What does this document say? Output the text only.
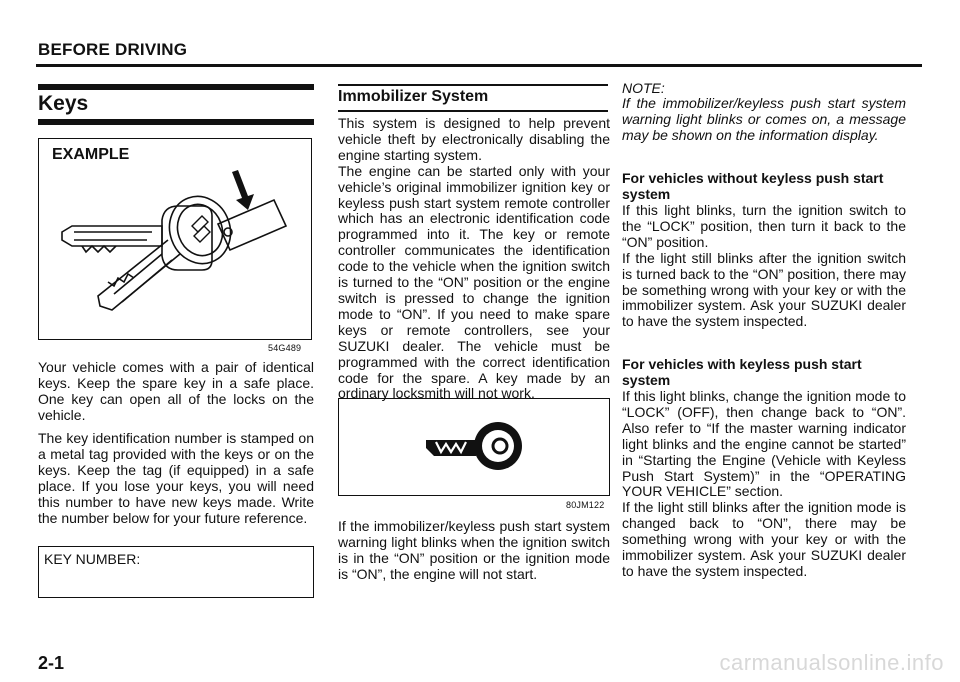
BEFORE DRIVING
Keys
EXAMPLE
54G489

Your vehicle comes with a pair of identical keys. Keep the spare key in a safe place. One key can open all of the locks on the vehicle.

The key identification number is stamped on a metal tag provided with the keys or on the keys. Keep the tag (if equipped) in a safe place. If you lose your keys, you will need this number to have new keys made. Write the number below for your future reference.

KEY NUMBER:
2-1
Immobilizer System

This system is designed to help prevent vehicle theft by electronically disabling the engine starting system.
The engine can be started only with your vehicle’s original immobilizer ignition key or keyless push start system remote controller which has an electronic identification code programmed into it. The key or remote controller communicates the identification code to the vehicle when the ignition switch is turned to the “ON” position or the engine switch is pressed to change the ignition mode to “ON”. If you need to make spare keys or remote controllers, see your SUZUKI dealer. The vehicle must be programmed with the correct identification code for the spare. A key made by an ordinary locksmith will not work.

80JM122

If the immobilizer/keyless push start system warning light blinks when the ignition switch is in the “ON” position or the ignition mode is “ON”, the engine will not start.

NOTE:

If the immobilizer/keyless push start system warning light blinks or comes on, a message may be shown on the information display.

For vehicles without keyless push start system

If this light blinks, turn the ignition switch to the “LOCK” position, then turn it back to the “ON” position.
If the light still blinks after the ignition switch is turned back to the “ON” position, there may be something wrong with your key or with the immobilizer system. Ask your SUZUKI dealer to have the system inspected.

For vehicles with keyless push start system

If this light blinks, change the ignition mode to “LOCK” (OFF), then change back to “ON”. Also refer to “If the master warning indicator light blinks and the engine cannot be started” in “Starting the Engine (Vehicle with Keyless Push Start System)” in the “OPERATING YOUR VEHICLE” section.
If the light still blinks after the ignition mode is changed back to “ON”, there may be something wrong with your key or with the immobilizer system. Ask your SUZUKI dealer to have the system inspected.

carmanualsonline.info
